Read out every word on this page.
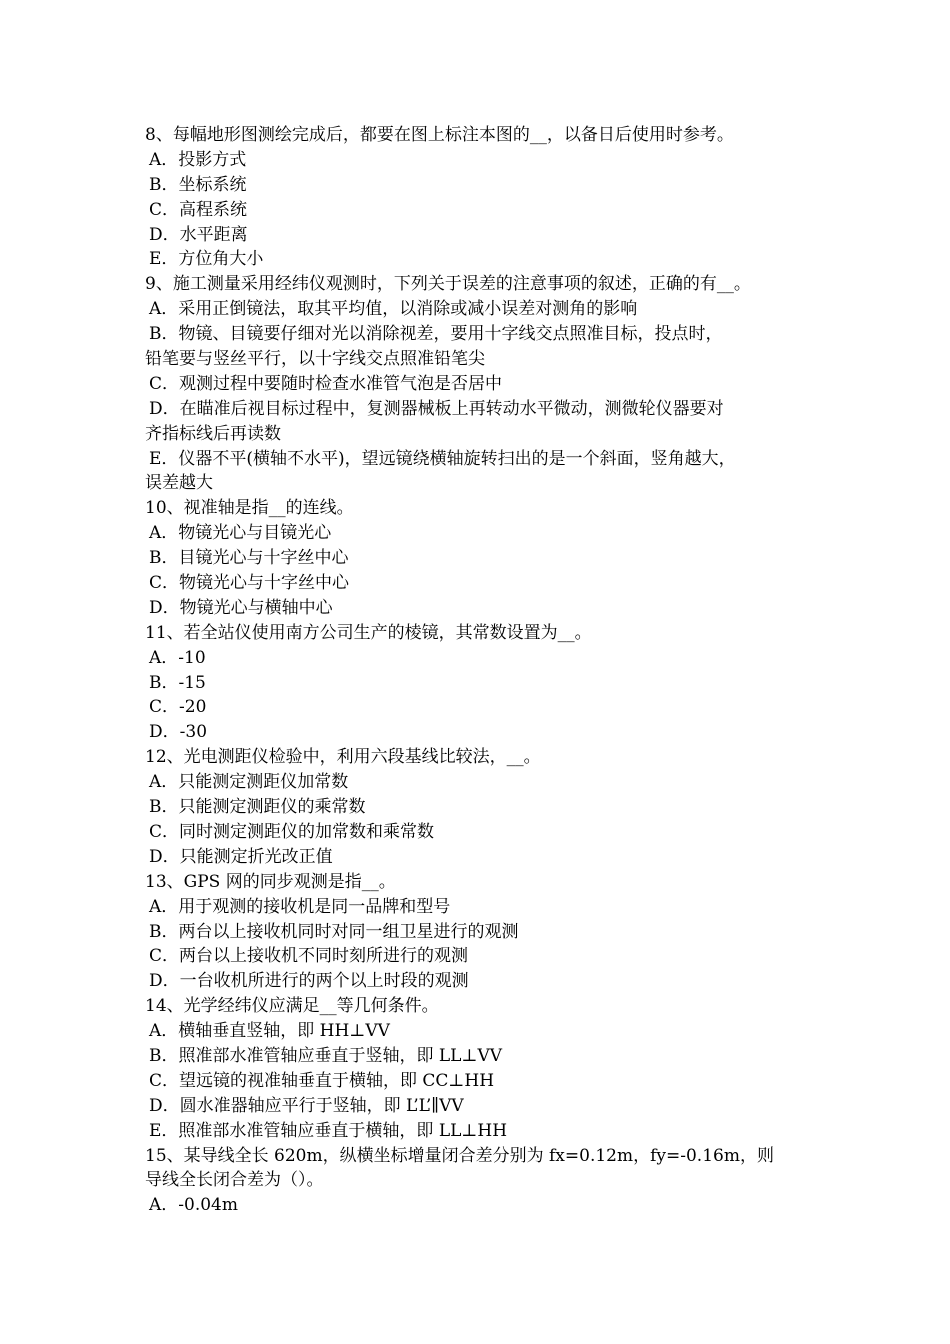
8、每幅地形图测绘完成后，都要在图上标注本图的__，以备日后使用时参考。
A．投影方式
B．坐标系统
C．高程系统
D．水平距离
E．方位角大小
9、施工测量采用经纬仪观测时，下列关于误差的注意事项的叙述，正确的有__。
A．采用正倒镜法，取其平均值，以消除或减小误差对测角的影响
B．物镜、目镜要仔细对光以消除视差，要用十字线交点照准目标，投点时，
铅笔要与竖丝平行，以十字线交点照准铅笔尖
C．观测过程中要随时检查水准管气泡是否居中
D．在瞄准后视目标过程中，复测器械板上再转动水平微动，测微轮仪器要对
齐指标线后再读数
E．仪器不平(横轴不水平)，望远镜绕横轴旋转扫出的是一个斜面，竖角越大，
误差越大
10、视准轴是指__的连线。
A．物镜光心与目镜光心
B．目镜光心与十字丝中心
C．物镜光心与十字丝中心
D．物镜光心与横轴中心
11、若全站仪使用南方公司生产的棱镜，其常数设置为__。
A．-10
B．-15
C．-20
D．-30
12、光电测距仪检验中，利用六段基线比较法，__。
A．只能测定测距仪加常数
B．只能测定测距仪的乘常数
C．同时测定测距仪的加常数和乘常数
D．只能测定折光改正值
13、GPS 网的同步观测是指__。
A．用于观测的接收机是同一品牌和型号
B．两台以上接收机同时对同一组卫星进行的观测
C．两台以上接收机不同时刻所进行的观测
D．一台收机所进行的两个以上时段的观测
14、光学经纬仪应满足__等几何条件。
A．横轴垂直竖轴，即 HH⊥VV
B．照准部水准管轴应垂直于竖轴，即 LL⊥VV
C．望远镜的视准轴垂直于横轴，即 CC⊥HH
D．圆水准器轴应平行于竖轴，即 L’L’∥VV
E．照准部水准管轴应垂直于横轴，即 LL⊥HH
15、某导线全长 620m，纵横坐标增量闭合差分别为 fx=0.12m，fy=-0.16m，则
导线全长闭合差为（）。
A．-0.04m
